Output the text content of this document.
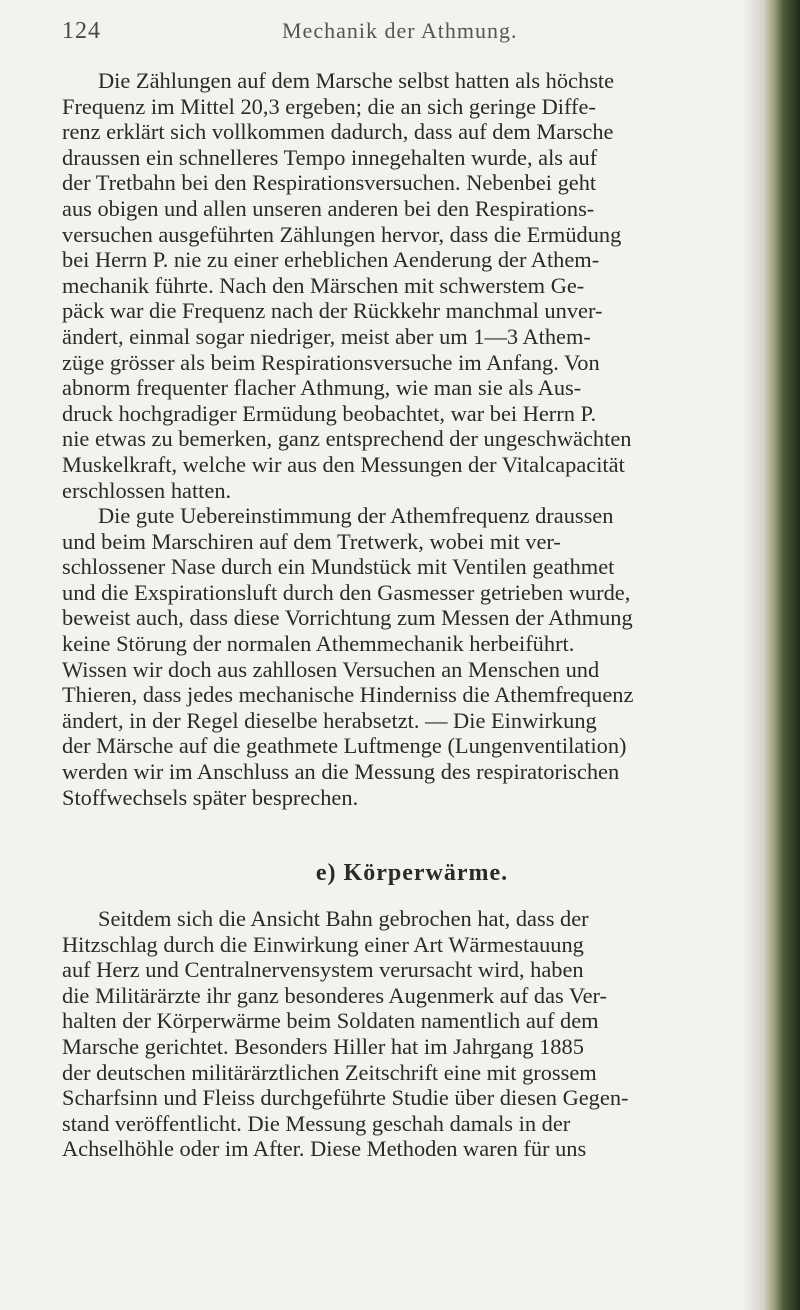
124	Mechanik der Athmung.
Die Zählungen auf dem Marsche selbst hatten als höchste
Frequenz im Mittel 20,3 ergeben; die an sich geringe Diffe-
renz erklärt sich vollkommen dadurch, dass auf dem Marsche
draussen ein schnelleres Tempo innegehalten wurde, als auf
der Tretbahn bei den Respirationsversuchen. Nebenbei geht
aus obigen und allen unseren anderen bei den Respirations-
versuchen ausgeführten Zählungen hervor, dass die Ermüdung
bei Herrn P. nie zu einer erheblichen Aenderung der Athem-
mechanik führte. Nach den Märschen mit schwerstem Ge-
päck war die Frequenz nach der Rückkehr manchmal unver-
ändert, einmal sogar niedriger, meist aber um 1—3 Athem-
züge grösser als beim Respirationsversuche im Anfang. Von
abnorm frequenter flacher Athmung, wie man sie als Aus-
druck hochgradiger Ermüdung beobachtet, war bei Herrn P.
nie etwas zu bemerken, ganz entsprechend der ungeschwächten
Muskelkraft, welche wir aus den Messungen der Vitalcapacität
erschlossen hatten.
Die gute Uebereinstimmung der Athemfrequenz draussen
und beim Marschiren auf dem Tretwerk, wobei mit ver-
schlossener Nase durch ein Mundstück mit Ventilen geathmet
und die Exspirationsluft durch den Gasmesser getrieben wurde,
beweist auch, dass diese Vorrichtung zum Messen der Athmung
keine Störung der normalen Athemmechanik herbeiführt.
Wissen wir doch aus zahllosen Versuchen an Menschen und
Thieren, dass jedes mechanische Hinderniss die Athemfrequenz
ändert, in der Regel dieselbe herabsetzt. — Die Einwirkung
der Märsche auf die geathmete Luftmenge (Lungenventilation)
werden wir im Anschluss an die Messung des respiratorischen
Stoffwechsels später besprechen.
e) Körperwärme.
Seitdem sich die Ansicht Bahn gebrochen hat, dass der
Hitzschlag durch die Einwirkung einer Art Wärmestauung
auf Herz und Centralnervensystem verursacht wird, haben
die Militärärzte ihr ganz besonderes Augenmerk auf das Ver-
halten der Körperwärme beim Soldaten namentlich auf dem
Marsche gerichtet. Besonders Hiller hat im Jahrgang 1885
der deutschen militärärztlichen Zeitschrift eine mit grossem
Scharfsinn und Fleiss durchgeführte Studie über diesen Gegen-
stand veröffentlicht. Die Messung geschah damals in der
Achselhöhle oder im After. Diese Methoden waren für uns
